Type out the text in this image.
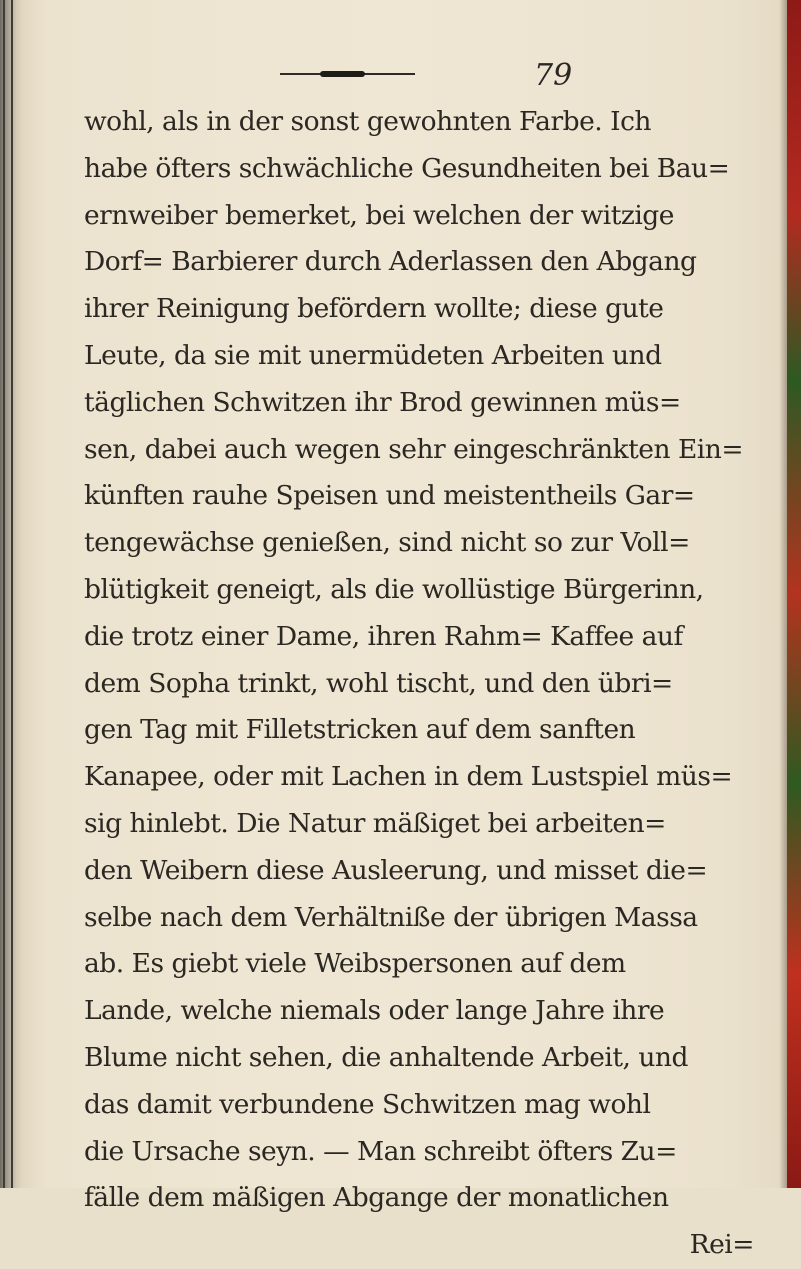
79
wohl, als in der sonst gewohnten Farbe. Ich
habe öfters schwächliche Gesundheiten bei Bau=
ernweiber bemerket, bei welchen der witzige
Dorf= Barbierer durch Aderlassen den Abgang
ihrer Reinigung befördern wollte; diese gute
Leute, da sie mit unermüdeten Arbeiten und
täglichen Schwitzen ihr Brod gewinnen müs=
sen, dabei auch wegen sehr eingeschränkten Ein=
künften rauhe Speisen und meistentheils Gar=
tengewächse genießen, sind nicht so zur Voll=
blütigkeit geneigt, als die wollüstige Bürgerinn,
die trotz einer Dame, ihren Rahm= Kaffee auf
dem Sopha trinkt, wohl tischt, und den übri=
gen Tag mit Filletstricken auf dem sanften
Kanapee, oder mit Lachen in dem Lustspiel müs=
sig hinlebt. Die Natur mäßiget bei arbeiten=
den Weibern diese Ausleerung, und misset die=
selbe nach dem Verhältniße der übrigen Massa
ab. Es giebt viele Weibspersonen auf dem
Lande, welche niemals oder lange Jahre ihre
Blume nicht sehen, die anhaltende Arbeit, und
das damit verbundene Schwitzen mag wohl
die Ursache seyn. — Man schreibt öfters Zu=
fälle dem mäßigen Abgange der monatlichen
Rei=
